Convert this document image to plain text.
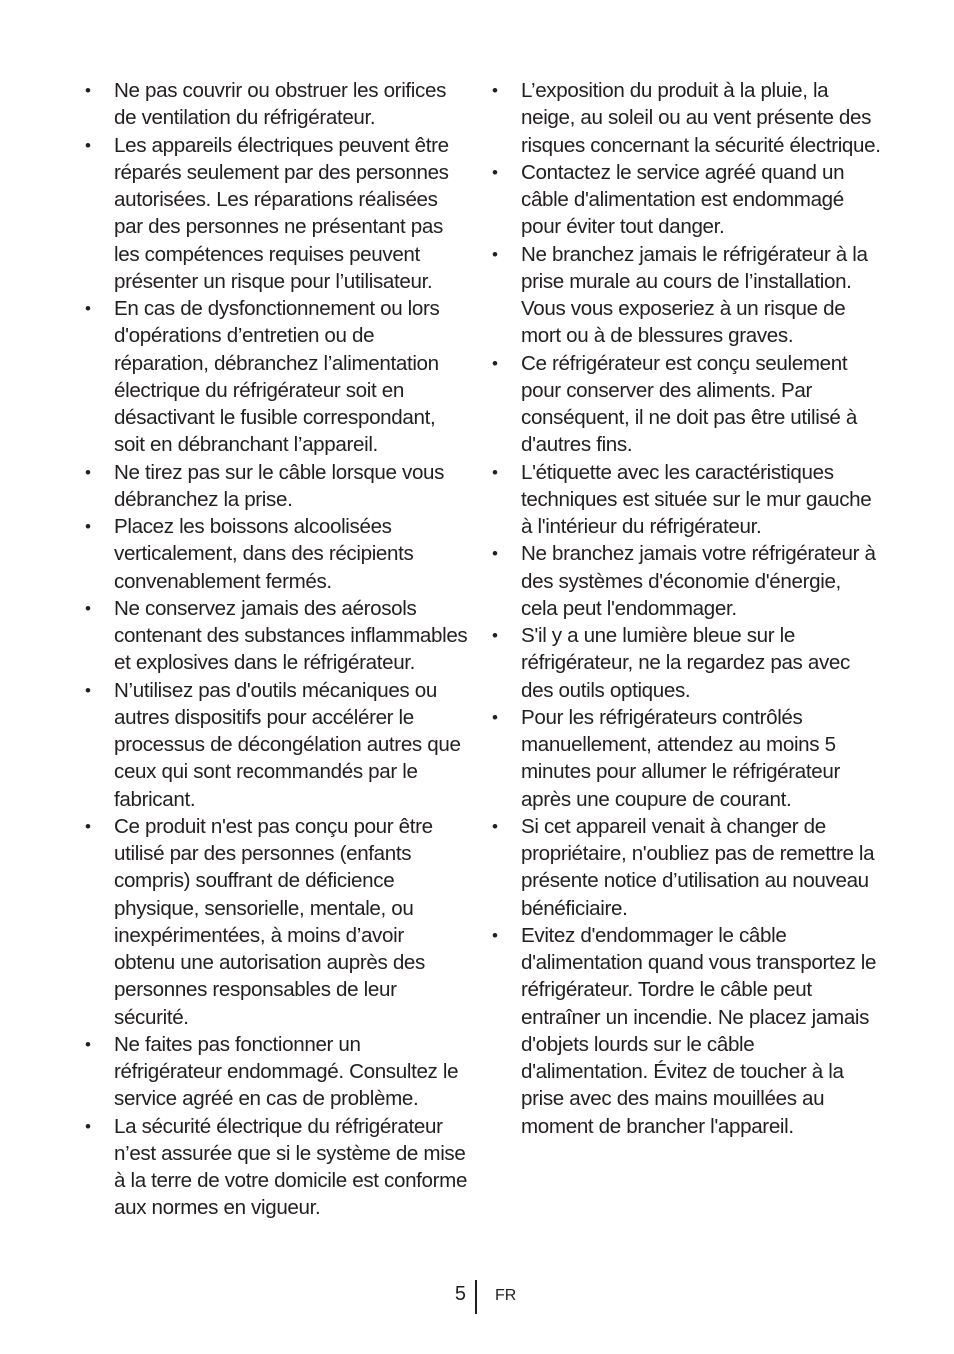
•	Ne pas couvrir ou obstruer les orifices de ventilation du réfrigérateur.
•	Les appareils électriques peuvent être réparés seulement par des personnes autorisées. Les réparations réalisées par des personnes ne présentant pas les compétences requises peuvent présenter un risque pour l’utilisateur.
•	En cas de dysfonctionnement ou lors d'opérations d’entretien ou de réparation, débranchez l’alimentation électrique du réfrigérateur soit en désactivant le fusible correspondant, soit en débranchant l’appareil.
•	Ne tirez pas sur le câble lorsque vous débranchez la prise.
•	Placez les boissons alcoolisées verticalement, dans des récipients convenablement fermés.
•	Ne conservez jamais des aérosols contenant des substances inflammables et explosives dans le réfrigérateur.
•	N’utilisez pas d'outils mécaniques ou autres dispositifs pour accélérer le processus de décongélation autres que ceux qui sont recommandés par le fabricant.
•	Ce produit n'est pas conçu pour être utilisé par des personnes (enfants compris) souffrant de déficience physique, sensorielle, mentale, ou inexpérimentées, à moins d’avoir obtenu une autorisation auprès des personnes responsables de leur sécurité.
•	Ne faites pas fonctionner un réfrigérateur endommagé. Consultez le service agréé en cas de problème.
•	La sécurité électrique du réfrigérateur n’est assurée que si le système de mise à la terre de votre domicile est conforme aux normes en vigueur.
•	L’exposition du produit à la pluie, la neige, au soleil ou au vent présente des risques concernant la sécurité électrique.
•	Contactez le service agréé quand un câble d'alimentation est endommagé pour éviter tout danger.
•	Ne branchez jamais le réfrigérateur à la prise murale au cours de l’installation. Vous vous exposeriez à un risque de mort ou à de blessures graves.
•	Ce réfrigérateur est conçu seulement pour conserver des aliments. Par conséquent, il ne doit pas être utilisé à d'autres fins.
•	L'étiquette avec les caractéristiques techniques est située sur le mur gauche à l'intérieur du réfrigérateur.
•	Ne branchez jamais votre réfrigérateur à des systèmes d'économie d'énergie, cela peut l'endommager.
•	S'il y a une lumière bleue sur le réfrigérateur, ne la regardez pas avec des outils optiques.
•	Pour les réfrigérateurs contrôlés manuellement, attendez au moins 5 minutes pour allumer le réfrigérateur après une coupure de courant.
•	Si cet appareil venait à changer de propriétaire, n'oubliez pas de remettre la présente notice d’utilisation au nouveau bénéficiaire.
•	Evitez d'endommager le câble d'alimentation quand vous transportez le réfrigérateur. Tordre le câble peut entraîner un incendie. Ne placez jamais d'objets lourds sur le câble d'alimentation. Évitez de toucher à la prise avec des mains mouillées au moment de brancher l'appareil.
5 FR
